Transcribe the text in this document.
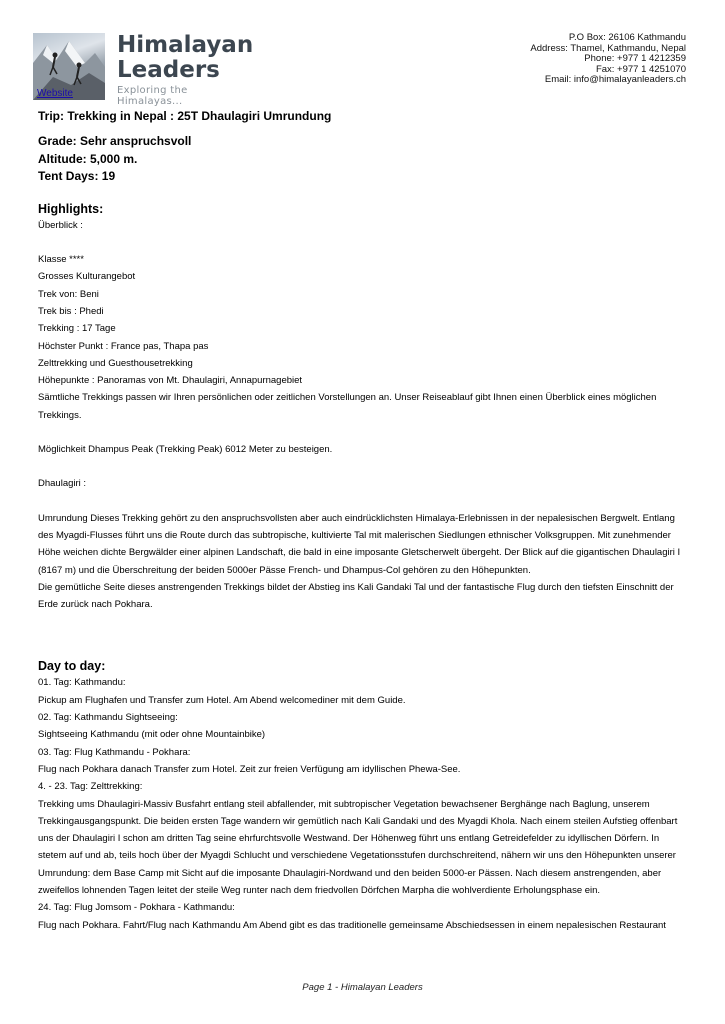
Website
Himalayan
Leaders
Exploring the Himalayas...
P.O Box: 26106 Kathmandu
Address: Thamel, Kathmandu, Nepal
Phone: +977 1 4212359
Fax: +977 1 4251070
Email: info@himalayanleaders.ch

Trip: Trekking in Nepal : 25T Dhaulagiri Umrundung

Grade: Sehr anspruchsvoll

Altitude: 5,000 m.

Tent Days: 19

Highlights:

Überblick :

Klasse ****

Grosses Kulturangebot

Trek von: Beni

Trek bis : Phedi

Trekking : 17 Tage

Höchster Punkt : France pas, Thapa pas

Zelttrekking und Guesthousetrekking

Höhepunkte : Panoramas von Mt. Dhaulagiri, Annapurnagebiet

Sämtliche Trekkings passen wir Ihren persönlichen oder zeitlichen Vorstellungen an. Unser Reiseablauf gibt Ihnen einen Überblick eines möglichen Trekkings.

Möglichkeit Dhampus Peak (Trekking Peak) 6012 Meter zu besteigen.

Dhaulagiri :

Umrundung Dieses Trekking gehört zu den anspruchsvollsten aber auch eindrücklichsten Himalaya-Erlebnissen in der nepalesischen Bergwelt. Entlang des Myagdi-Flusses führt uns die Route durch das subtropische, kultivierte Tal mit malerischen Siedlungen ethnischer Volksgruppen. Mit zunehmender Höhe weichen dichte Bergwälder einer alpinen Landschaft, die bald in eine imposante Gletscherwelt übergeht. Der Blick auf die gigantischen Dhaulagiri I (8167 m) und die Überschreitung der beiden 5000er Pässe French- und Dhampus-Col gehören zu den Höhepunkten.

Die gemütliche Seite dieses anstrengenden Trekkings bildet der Abstieg ins Kali Gandaki Tal und der fantastische Flug durch den tiefsten Einschnitt der Erde zurück nach Pokhara.

Day to day:

01. Tag: Kathmandu:

Pickup am Flughafen und Transfer zum Hotel. Am Abend welcomediner mit dem Guide.

02. Tag: Kathmandu Sightseeing:

Sightseeing Kathmandu (mit oder ohne Mountainbike)

03. Tag: Flug Kathmandu - Pokhara:

Flug nach Pokhara danach Transfer zum Hotel. Zeit zur freien Verfügung am idyllischen Phewa-See.

4. - 23. Tag: Zelttrekking:

Trekking ums Dhaulagiri-Massiv Busfahrt entlang steil abfallender, mit subtropischer Vegetation bewachsener Berghänge nach Baglung, unserem Trekkingausgangspunkt. Die beiden ersten Tage wandern wir gemütlich nach Kali Gandaki und des Myagdi Khola. Nach einem steilen Aufstieg offenbart uns der Dhaulagiri I schon am dritten Tag seine ehrfurchtsvolle Westwand. Der Höhenweg führt uns entlang Getreidefelder zu idyllischen Dörfern. In stetem auf und ab, teils hoch über der Myagdi Schlucht und verschiedene Vegetationsstufen durchschreitend, nähern wir uns den Höhepunkten unserer Umrundung: dem Base Camp mit Sicht auf die imposante Dhaulagiri-Nordwand und den beiden 5000-er Pässen. Nach diesem anstrengenden, aber zweifellos lohnenden Tagen leitet der steile Weg runter nach dem friedvollen Dörfchen Marpha die wohlverdiente Erholungsphase ein.

24. Tag: Flug Jomsom - Pokhara - Kathmandu:

Flug nach Pokhara. Fahrt/Flug nach Kathmandu Am Abend gibt es das traditionelle gemeinsame Abschiedsessen in einem nepalesischen Restaurant

Page 1 - Himalayan Leaders
